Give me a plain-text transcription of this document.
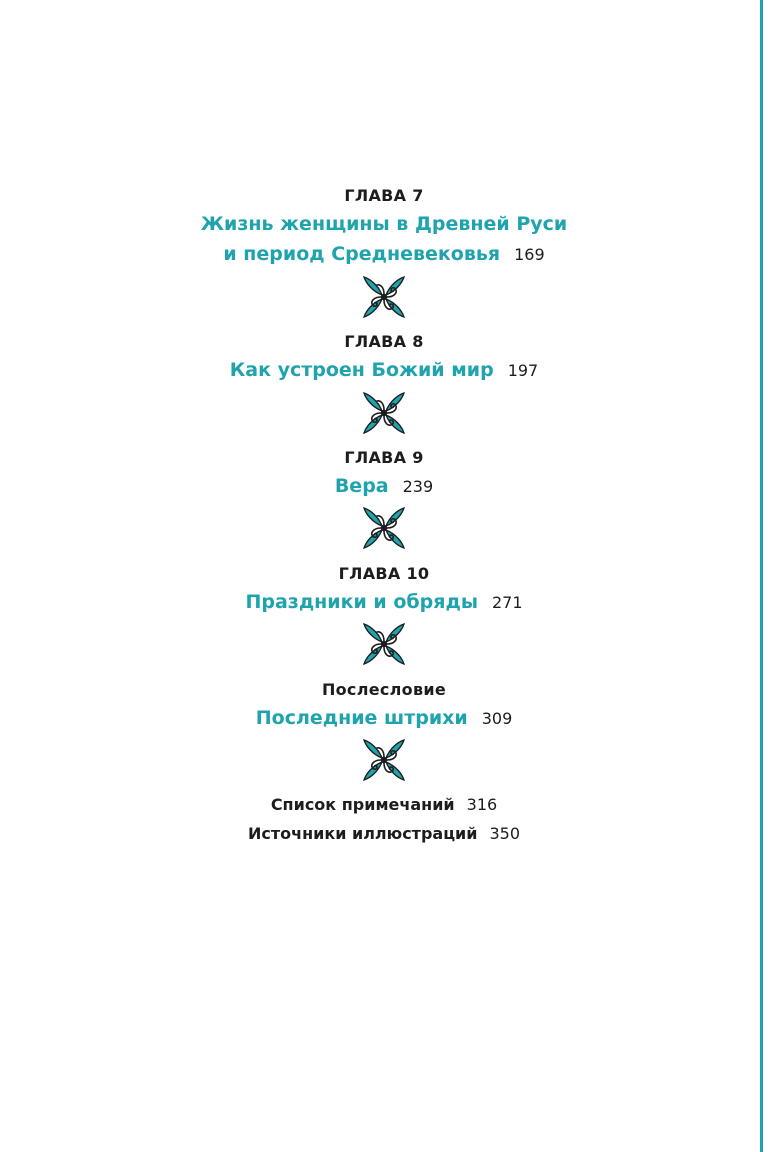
ГЛАВА 7
Жизнь женщины в Древней Руси
и период Средневековья 169
ГЛАВА 8
Как устроен Божий мир 197
ГЛАВА 9
Вера 239
ГЛАВА 10
Праздники и обряды 271
Послесловие
Последние штрихи 309
Список примечаний 316
Источники иллюстраций 350
